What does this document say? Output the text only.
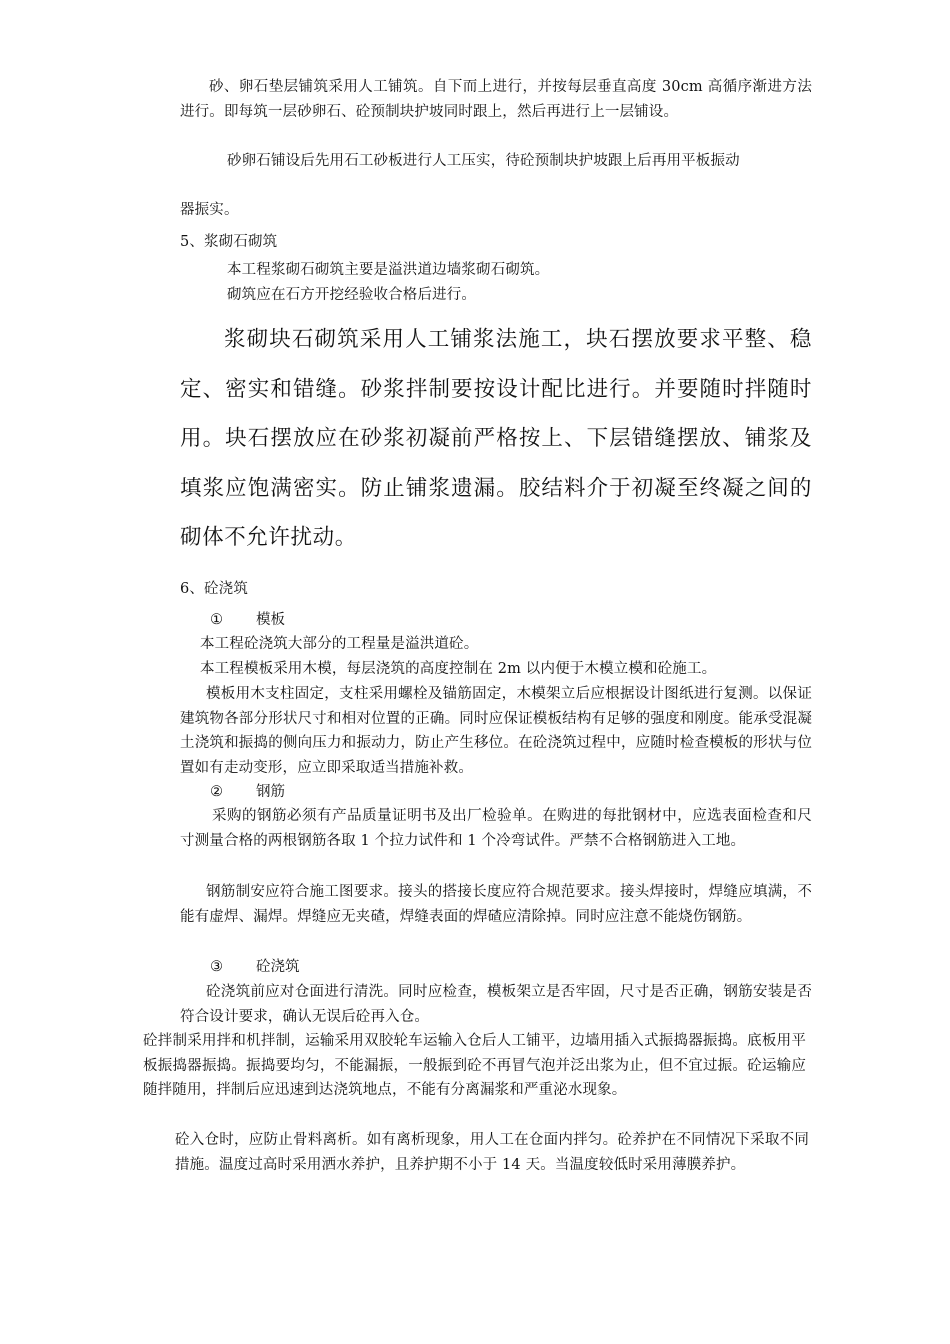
砂、卵石垫层铺筑采用人工铺筑。自下而上进行，并按每层垂直高度 30cm 高循序渐进方法进行。即每筑一层砂卵石、砼预制块护坡同时跟上，然后再进行上一层铺设。

砂卵石铺设后先用石工砂板进行人工压实，待砼预制块护坡跟上后再用平板振动

器振实。

5、浆砌石砌筑

本工程浆砌石砌筑主要是溢洪道边墙浆砌石砌筑。

砌筑应在石方开挖经验收合格后进行。

浆砌块石砌筑采用人工铺浆法施工，块石摆放要求平整、稳定、密实和错缝。砂浆拌制要按设计配比进行。并要随时拌随时用。块石摆放应在砂浆初凝前严格按上、下层错缝摆放、铺浆及填浆应饱满密实。防止铺浆遗漏。胶结料介于初凝至终凝之间的砌体不允许扰动。

6、砼浇筑

① 模板

本工程砼浇筑大部分的工程量是溢洪道砼。

本工程模板采用木模，每层浇筑的高度控制在 2m 以内便于木模立模和砼施工。

模板用木支柱固定，支柱采用螺栓及锚筋固定，木模架立后应根据设计图纸进行复测。以保证建筑物各部分形状尺寸和相对位置的正确。同时应保证模板结构有足够的强度和刚度。能承受混凝土浇筑和振捣的侧向压力和振动力，防止产生移位。在砼浇筑过程中，应随时检查模板的形状与位置如有走动变形，应立即采取适当措施补救。

② 钢筋

采购的钢筋必须有产品质量证明书及出厂检验单。在购进的每批钢材中，应选表面检查和尺寸测量合格的两根钢筋各取 1 个拉力试件和 1 个冷弯试件。严禁不合格钢筋进入工地。

钢筋制安应符合施工图要求。接头的搭接长度应符合规范要求。接头焊接时，焊缝应填满，不能有虚焊、漏焊。焊缝应无夹碴，焊缝表面的焊碴应清除掉。同时应注意不能烧伤钢筋。

③ 砼浇筑

砼浇筑前应对仓面进行清洗。同时应检查，模板架立是否牢固，尺寸是否正确，钢筋安装是否符合设计要求，确认无误后砼再入仓。

砼拌制采用拌和机拌制，运输采用双胶轮车运输入仓后人工铺平，边墙用插入式振捣器振捣。底板用平板振捣器振捣。振捣要均匀，不能漏振，一般振到砼不再冒气泡并泛出浆为止，但不宜过振。砼运输应随拌随用，拌制后应迅速到达浇筑地点，不能有分离漏浆和严重泌水现象。

砼入仓时，应防止骨料离析。如有离析现象，用人工在仓面内拌匀。砼养护在不同情况下采取不同措施。温度过高时采用洒水养护，且养护期不小于 14 天。当温度较低时采用薄膜养护。
